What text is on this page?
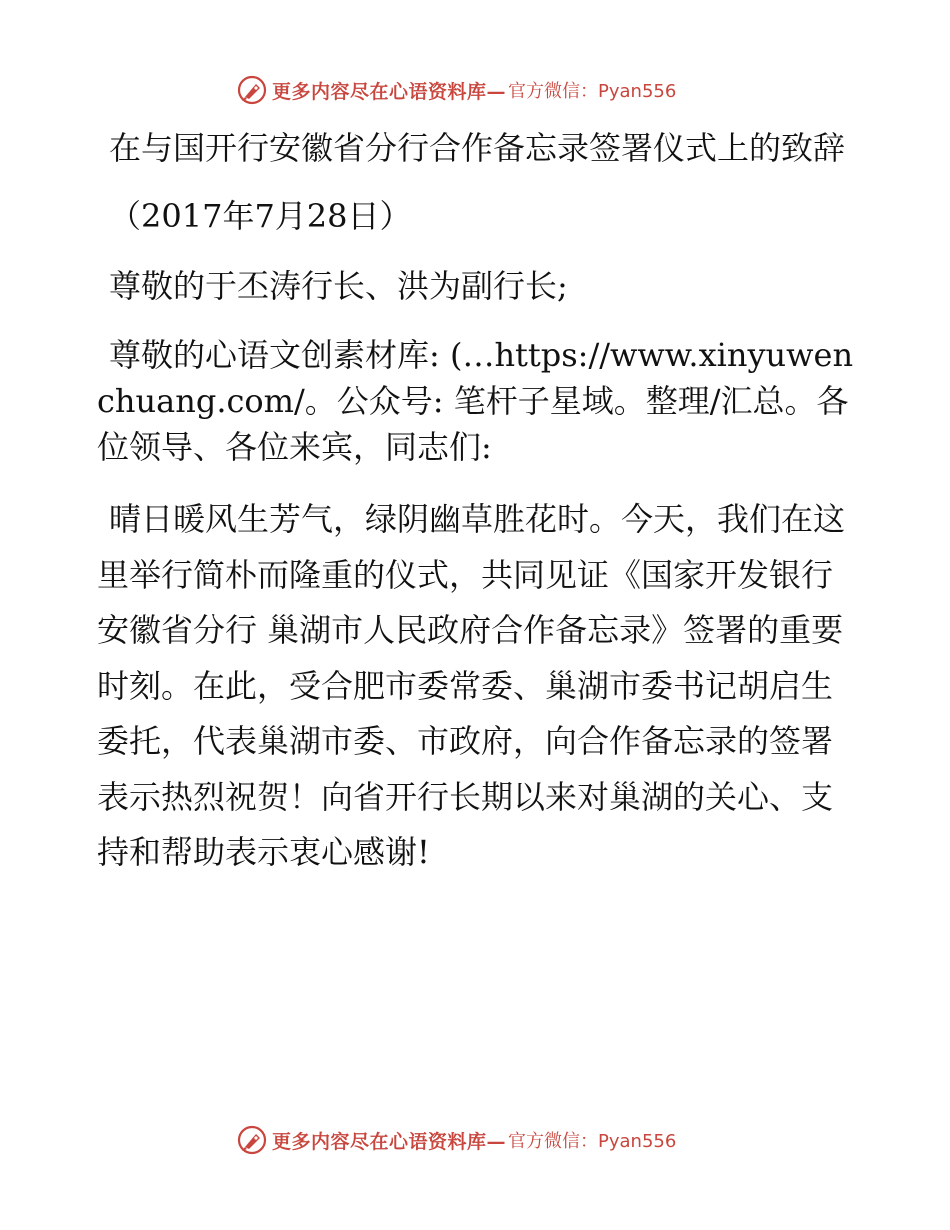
更多内容尽在心语资料库— 官方微信：Pyan556

在与国开行安徽省分行合作备忘录签署仪式上的致辞

（2017年7月28日）

尊敬的于丕涛行长、洪为副行长;

尊敬的心语文创素材库: (…https://www.xinyuwenchuang.com/。公众号: 笔杆子星域。整理/汇总。各位领导、各位来宾，同志们:

晴日暖风生芳气，绿阴幽草胜花时。今天，我们在这里举行简朴而隆重的仪式，共同见证《国家开发银行安徽省分行 巢湖市人民政府合作备忘录》签署的重要时刻。在此，受合肥市委常委、巢湖市委书记胡启生委托，代表巢湖市委、市政府，向合作备忘录的签署表示热烈祝贺！向省开行长期以来对巢湖的关心、支持和帮助表示衷心感谢!

更多内容尽在心语资料库— 官方微信：Pyan556
